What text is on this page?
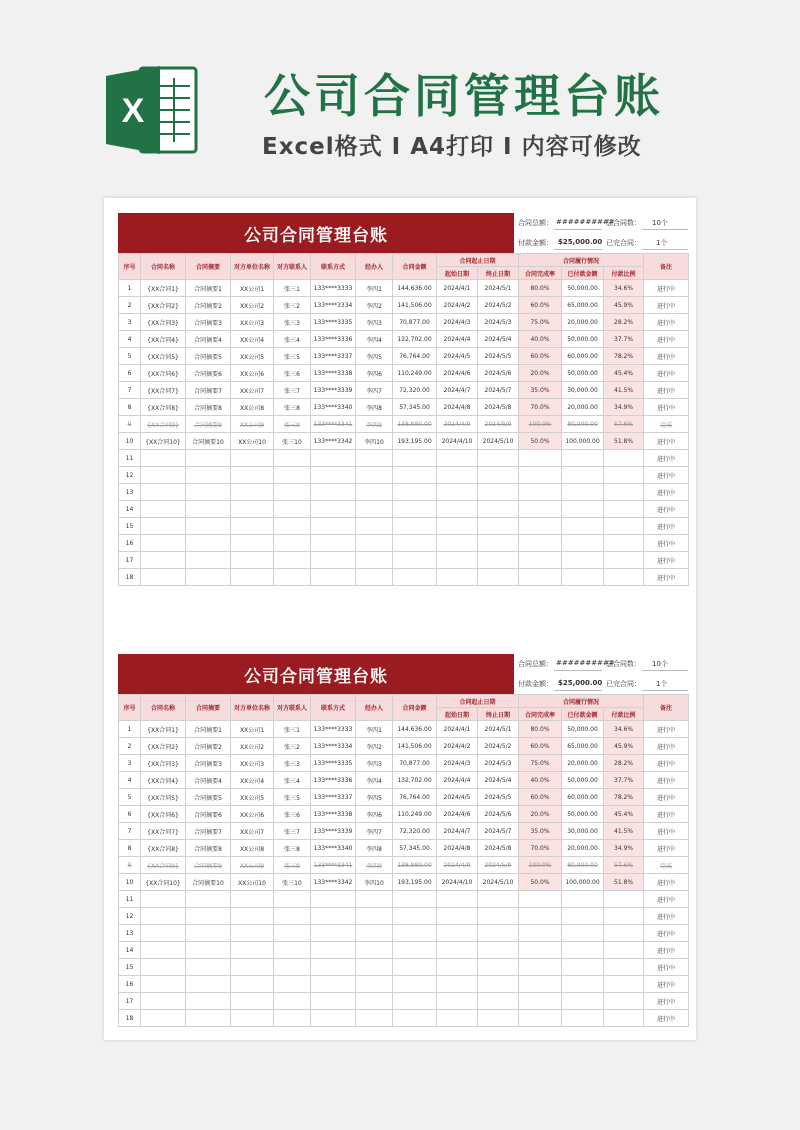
X	公司合同管理台账
Excel格式 I A4打印 I 内容可修改
公司合同管理台账
合同总额： ##########
总合同数： 10个
付款金额： $25,000.00 已完合同： 1个
序号	合同名称	合同摘要	对方单位名称	对方联系人	联系方式	经办人	合同金额	合同起止日期		合同履行情况			备注
								起始日期	终止日期	合同完成率	已付款金额	付款比例	
1	{XX合同1}	合同摘要1	XX公司1	张三1	133****3333	李四1	144,636.00	2024/4/1	2024/5/1	80.0%	50,000.00	34.6%	进行中
2	{XX合同2}	合同摘要2	XX公司2	张三2	133****3334	李四2	141,506.00	2024/4/2	2024/5/2	60.0%	65,000.00	45.9%	进行中
3	{XX合同3}	合同摘要3	XX公司3	张三3	133****3335	李四3	70,877.00	2024/4/3	2024/5/3	75.0%	20,000.00	28.2%	进行中
4	{XX合同4}	合同摘要4	XX公司4	张三4	133****3336	李四4	132,702.00	2024/4/4	2024/5/4	40.0%	50,000.00	37.7%	进行中
5	{XX合同5}	合同摘要5	XX公司5	张三5	133****3337	李四5	76,764.00	2024/4/5	2024/5/5	60.0%	60,000.00	78.2%	进行中
6	{XX合同6}	合同摘要6	XX公司6	张三6	133****3338	李四6	110,249.00	2024/4/6	2024/5/6	20.0%	50,000.00	45.4%	进行中
7	{XX合同7}	合同摘要7	XX公司7	张三7	133****3339	李四7	72,320.00	2024/4/7	2024/5/7	35.0%	30,000.00	41.5%	进行中
8	{XX合同8}	合同摘要8	XX公司8	张三8	133****3340	李四8	57,345.00	2024/4/8	2024/5/8	70.0%	20,000.00	34.9%	进行中
9	{XX合同9}	合同摘要9	XX公司9	张三9	133****3341	李四9	138,880.00	2024/4/9	2024/5/9	100.0%	80,000.00	57.6%	完成
10	{XX合同10}	合同摘要10	XX公司10	张三10	133****3342	李四10	193,195.00	2024/4/10	2024/5/10	50.0%	100,000.00	51.8%	进行中
11													进行中
12													进行中
13													进行中
14													进行中
15													进行中
16													进行中
17													进行中
18													进行中
公司合同管理台账
合同总额： ##########
总合同数： 10个
付款金额： $25,000.00 已完合同： 1个
序号	合同名称	合同摘要	对方单位名称	对方联系人	联系方式	经办人	合同金额	合同起止日期		合同履行情况			备注
								起始日期	终止日期	合同完成率	已付款金额	付款比例	
1	{XX合同1}	合同摘要1	XX公司1	张三1	133****3333	李四1	144,636.00	2024/4/1	2024/5/1	80.0%	50,000.00	34.6%	进行中
2	{XX合同2}	合同摘要2	XX公司2	张三2	133****3334	李四2	141,506.00	2024/4/2	2024/5/2	60.0%	65,000.00	45.9%	进行中
3	{XX合同3}	合同摘要3	XX公司3	张三3	133****3335	李四3	70,877.00	2024/4/3	2024/5/3	75.0%	20,000.00	28.2%	进行中
4	{XX合同4}	合同摘要4	XX公司4	张三4	133****3336	李四4	132,702.00	2024/4/4	2024/5/4	40.0%	50,000.00	37.7%	进行中
5	{XX合同5}	合同摘要5	XX公司5	张三5	133****3337	李四5	76,764.00	2024/4/5	2024/5/5	60.0%	60,000.00	78.2%	进行中
6	{XX合同6}	合同摘要6	XX公司6	张三6	133****3338	李四6	110,249.00	2024/4/6	2024/5/6	20.0%	50,000.00	45.4%	进行中
7	{XX合同7}	合同摘要7	XX公司7	张三7	133****3339	李四7	72,320.00	2024/4/7	2024/5/7	35.0%	30,000.00	41.5%	进行中
8	{XX合同8}	合同摘要8	XX公司8	张三8	133****3340	李四8	57,345.00	2024/4/8	2024/5/8	70.0%	20,000.00	34.9%	进行中
9	{XX合同9}	合同摘要9	XX公司9	张三9	133****3341	李四9	138,880.00	2024/4/9	2024/5/9	100.0%	80,000.00	57.6%	完成
10	{XX合同10}	合同摘要10	XX公司10	张三10	133****3342	李四10	193,195.00	2024/4/10	2024/5/10	50.0%	100,000.00	51.8%	进行中
11													进行中
12													进行中
13													进行中
14													进行中
15													进行中
16													进行中
17													进行中
18													进行中
